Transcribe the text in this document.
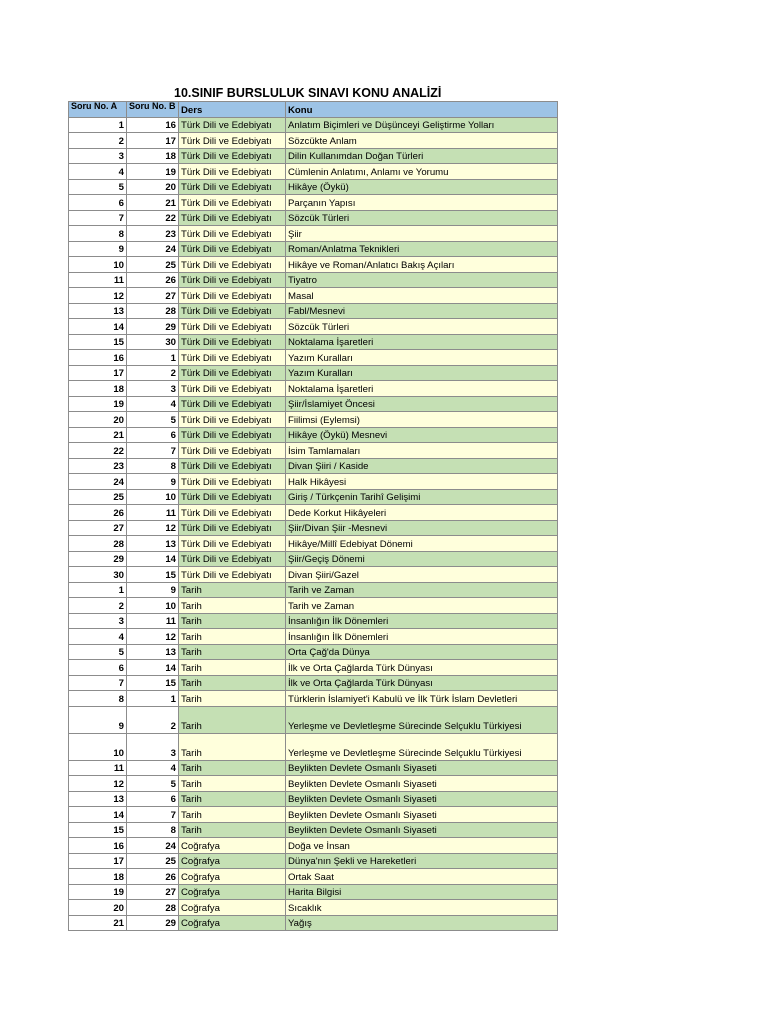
10.SINIF BURSLULUK SINAVI KONU ANALİZİ
Soru No. A	Soru No. B	Ders	Konu
1	16	Türk Dili ve Edebiyatı	Anlatım Biçimleri ve Düşünceyi Geliştirme Yolları
2	17	Türk Dili ve Edebiyatı	Sözcükte Anlam
3	18	Türk Dili ve Edebiyatı	Dilin Kullanımdan Doğan Türleri
4	19	Türk Dili ve Edebiyatı	Cümlenin Anlatımı, Anlamı ve Yorumu
5	20	Türk Dili ve Edebiyatı	Hikâye (Öykü)
6	21	Türk Dili ve Edebiyatı	Parçanın Yapısı
7	22	Türk Dili ve Edebiyatı	Sözcük Türleri
8	23	Türk Dili ve Edebiyatı	Şiir
9	24	Türk Dili ve Edebiyatı	Roman/Anlatma Teknikleri
10	25	Türk Dili ve Edebiyatı	Hikâye ve Roman/Anlatıcı Bakış Açıları
11	26	Türk Dili ve Edebiyatı	Tiyatro
12	27	Türk Dili ve Edebiyatı	Masal
13	28	Türk Dili ve Edebiyatı	Fabl/Mesnevi
14	29	Türk Dili ve Edebiyatı	Sözcük Türleri
15	30	Türk Dili ve Edebiyatı	Noktalama İşaretleri
16	1	Türk Dili ve Edebiyatı	Yazım Kuralları
17	2	Türk Dili ve Edebiyatı	Yazım Kuralları
18	3	Türk Dili ve Edebiyatı	Noktalama İşaretleri
19	4	Türk Dili ve Edebiyatı	Şiir/İslamiyet Öncesi
20	5	Türk Dili ve Edebiyatı	Fiilimsi (Eylemsi)
21	6	Türk Dili ve Edebiyatı	Hikâye (Öykü) Mesnevi
22	7	Türk Dili ve Edebiyatı	İsim Tamlamaları
23	8	Türk Dili ve Edebiyatı	Divan Şiiri / Kaside
24	9	Türk Dili ve Edebiyatı	Halk Hikâyesi
25	10	Türk Dili ve Edebiyatı	Giriş / Türkçenin Tarihî Gelişimi
26	11	Türk Dili ve Edebiyatı	Dede Korkut Hikâyeleri
27	12	Türk Dili ve Edebiyatı	Şiir/Divan Şiir -Mesnevi
28	13	Türk Dili ve Edebiyatı	Hikâye/Millî Edebiyat Dönemi
29	14	Türk Dili ve Edebiyatı	Şiir/Geçiş Dönemi
30	15	Türk Dili ve Edebiyatı	Divan Şiiri/Gazel
1	9	Tarih	Tarih ve Zaman
2	10	Tarih	Tarih ve Zaman
3	11	Tarih	İnsanlığın İlk Dönemleri
4	12	Tarih	İnsanlığın İlk Dönemleri
5	13	Tarih	Orta Çağ'da Dünya
6	14	Tarih	İlk ve Orta Çağlarda Türk Dünyası
7	15	Tarih	İlk ve Orta Çağlarda Türk Dünyası
8	1	Tarih	Türklerin İslamiyet'i Kabulü ve İlk Türk İslam Devletleri
9	2	Tarih	Yerleşme ve Devletleşme Sürecinde Selçuklu Türkiyesi
10	3	Tarih	Yerleşme ve Devletleşme Sürecinde Selçuklu Türkiyesi
11	4	Tarih	Beylikten Devlete Osmanlı Siyaseti
12	5	Tarih	Beylikten Devlete Osmanlı Siyaseti
13	6	Tarih	Beylikten Devlete Osmanlı Siyaseti
14	7	Tarih	Beylikten Devlete Osmanlı Siyaseti
15	8	Tarih	Beylikten Devlete Osmanlı Siyaseti
16	24	Coğrafya	Doğa ve İnsan
17	25	Coğrafya	Dünya'nın Şekli ve Hareketleri
18	26	Coğrafya	Ortak Saat
19	27	Coğrafya	Harita Bilgisi
20	28	Coğrafya	Sıcaklık
21	29	Coğrafya	Yağış
